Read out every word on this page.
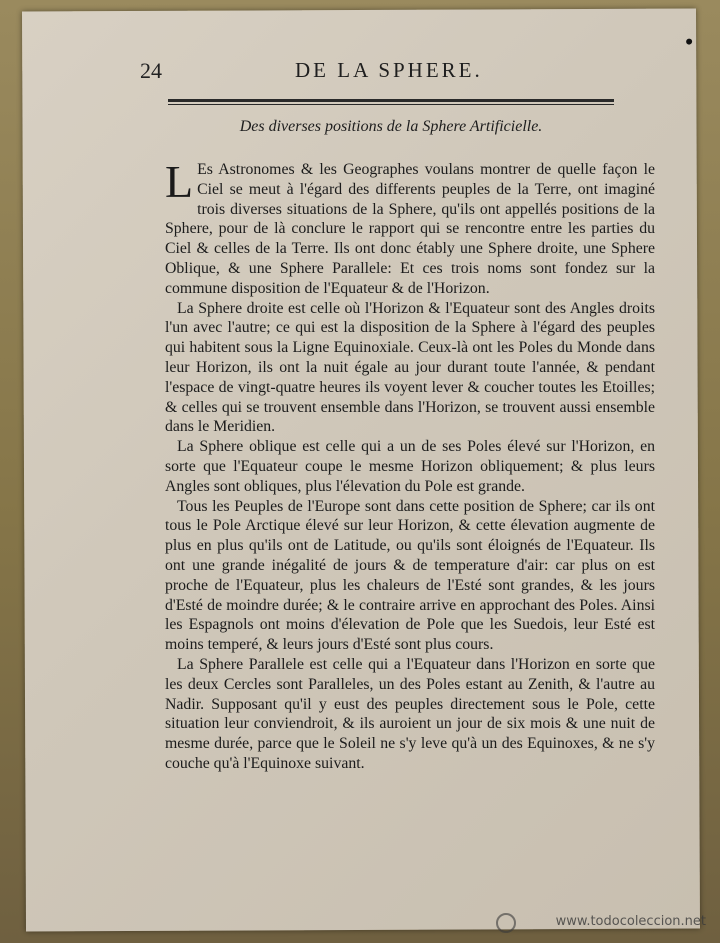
24	DE LA SPHERE.
Des diverses positions de la Sphere Artificielle.

L Es Astronomes & les Geographes voulans montrer de quelle façon le Ciel se meut à l'égard des differents peuples de la Terre, ont imaginé trois diverses situations de la Sphere, qu'ils ont appellés positions de la Sphere, pour de là conclure le rapport qui se rencontre entre les parties du Ciel & celles de la Terre. Ils ont donc étably une Sphere droite, une Sphere Oblique, & une Sphere Parallele: Et ces trois noms sont fondez sur la commune disposition de l'Equateur & de l'Horizon.

La Sphere droite est celle où l'Horizon & l'Equateur sont des Angles droits l'un avec l'autre; ce qui est la disposition de la Sphere à l'égard des peuples qui habitent sous la Ligne Equinoxiale. Ceux-là ont les Poles du Monde dans leur Horizon, ils ont la nuit égale au jour durant toute l'année, & pendant l'espace de vingt-quatre heures ils voyent lever & coucher toutes les Etoilles; & celles qui se trouvent ensemble dans l'Horizon, se trouvent aussi ensemble dans le Meridien.

La Sphere oblique est celle qui a un de ses Poles élevé sur l'Horizon, en sorte que l'Equateur coupe le mesme Horizon obliquement; & plus leurs Angles sont obliques, plus l'élevation du Pole est grande.

Tous les Peuples de l'Europe sont dans cette position de Sphere; car ils ont tous le Pole Arctique élevé sur leur Horizon, & cette élevation augmente de plus en plus qu'ils ont de Latitude, ou qu'ils sont éloignés de l'Equateur. Ils ont une grande inégalité de jours & de temperature d'air: car plus on est proche de l'Equateur, plus les chaleurs de l'Esté sont grandes, & les jours d'Esté de moindre durée; & le contraire arrive en approchant des Poles. Ainsi les Espagnols ont moins d'élevation de Pole que les Suedois, leur Esté est moins temperé, & leurs jours d'Esté sont plus cours.

La Sphere Parallele est celle qui a l'Equateur dans l'Horizon en sorte que les deux Cercles sont Paralleles, un des Poles estant au Zenith, & l'autre au Nadir. Supposant qu'il y eust des peuples directement sous le Pole, cette situation leur conviendroit, & ils auroient un jour de six mois & une nuit de mesme durée, parce que le Soleil ne s'y leve qu'à un des Equinoxes, & ne s'y couche qu'à l'Equinoxe suivant.

www.todocoleccion.net
